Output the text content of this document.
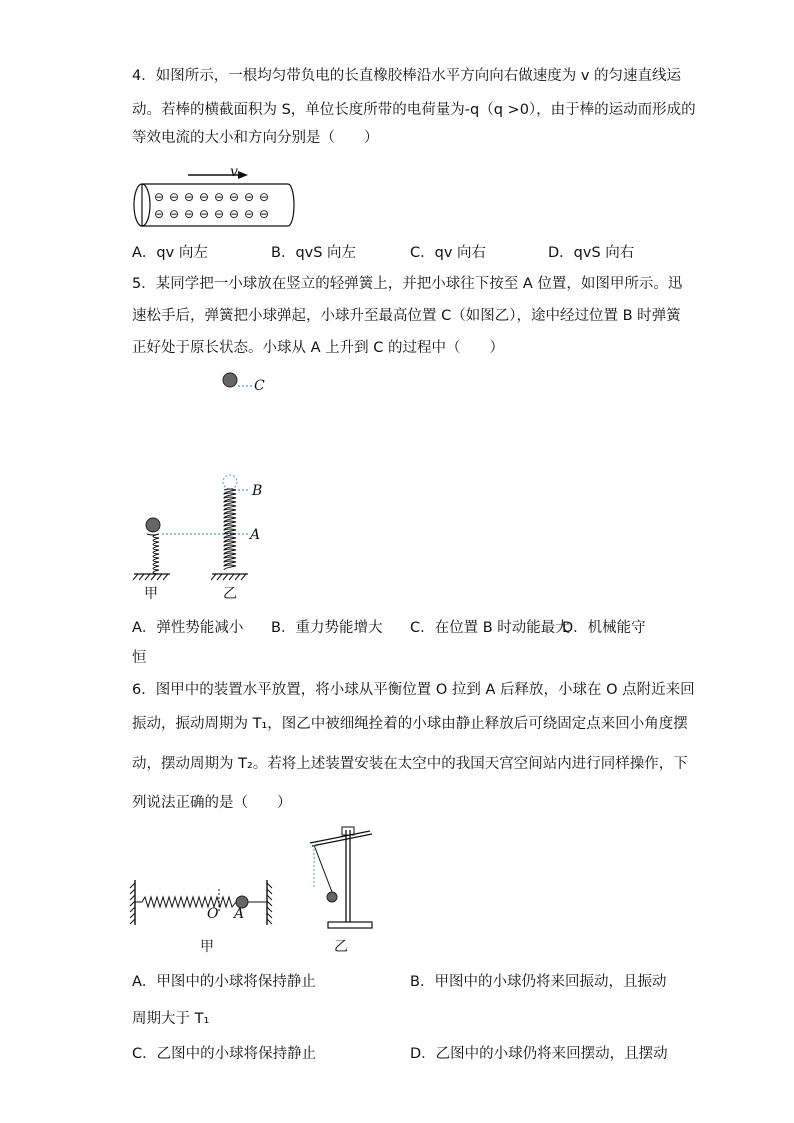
4．如图所示，一根均匀带负电的长直橡胶棒沿水平方向向右做速度为 v 的匀速直线运
动。若棒的横截面积为 S，单位长度所带的电荷量为-q（q >0），由于棒的运动而形成的
等效电流的大小和方向分别是（　　）
v
⊖ ⊖ ⊖ ⊖ ⊖ ⊖ ⊖ ⊖
⊖ ⊖ ⊖ ⊖ ⊖ ⊖ ⊖ ⊖
A．qv 向左	B．qvS 向左	C．qv 向右	D．qvS 向右
5．某同学把一小球放在竖立的轻弹簧上，并把小球往下按至 A 位置，如图甲所示。迅
速松手后，弹簧把小球弹起，小球升至最高位置 C（如图乙），途中经过位置 B 时弹簧
正好处于原长状态。小球从 A 上升到 C 的过程中（　　）
C
甲
A
B
乙
A．弹性势能减小 B．重力势能增大 C．在位置 B 时动能最大
D．机械能守
恒
6．图甲中的装置水平放置，将小球从平衡位置 O 拉到 A 后释放，小球在 O 点附近来回
振动，振动周期为 T₁，图乙中被细绳拴着的小球由静止释放后可绕固定点来回小角度摆
动，摆动周期为 T₂。若将上述装置安装在太空中的我国天宫空间站内进行同样操作，下
列说法正确的是（　　）
O A
甲	乙
A．甲图中的小球将保持静止	B．甲图中的小球仍将来回振动，且振动
周期大于 T₁
C．乙图中的小球将保持静止	D．乙图中的小球仍将来回摆动，且摆动
